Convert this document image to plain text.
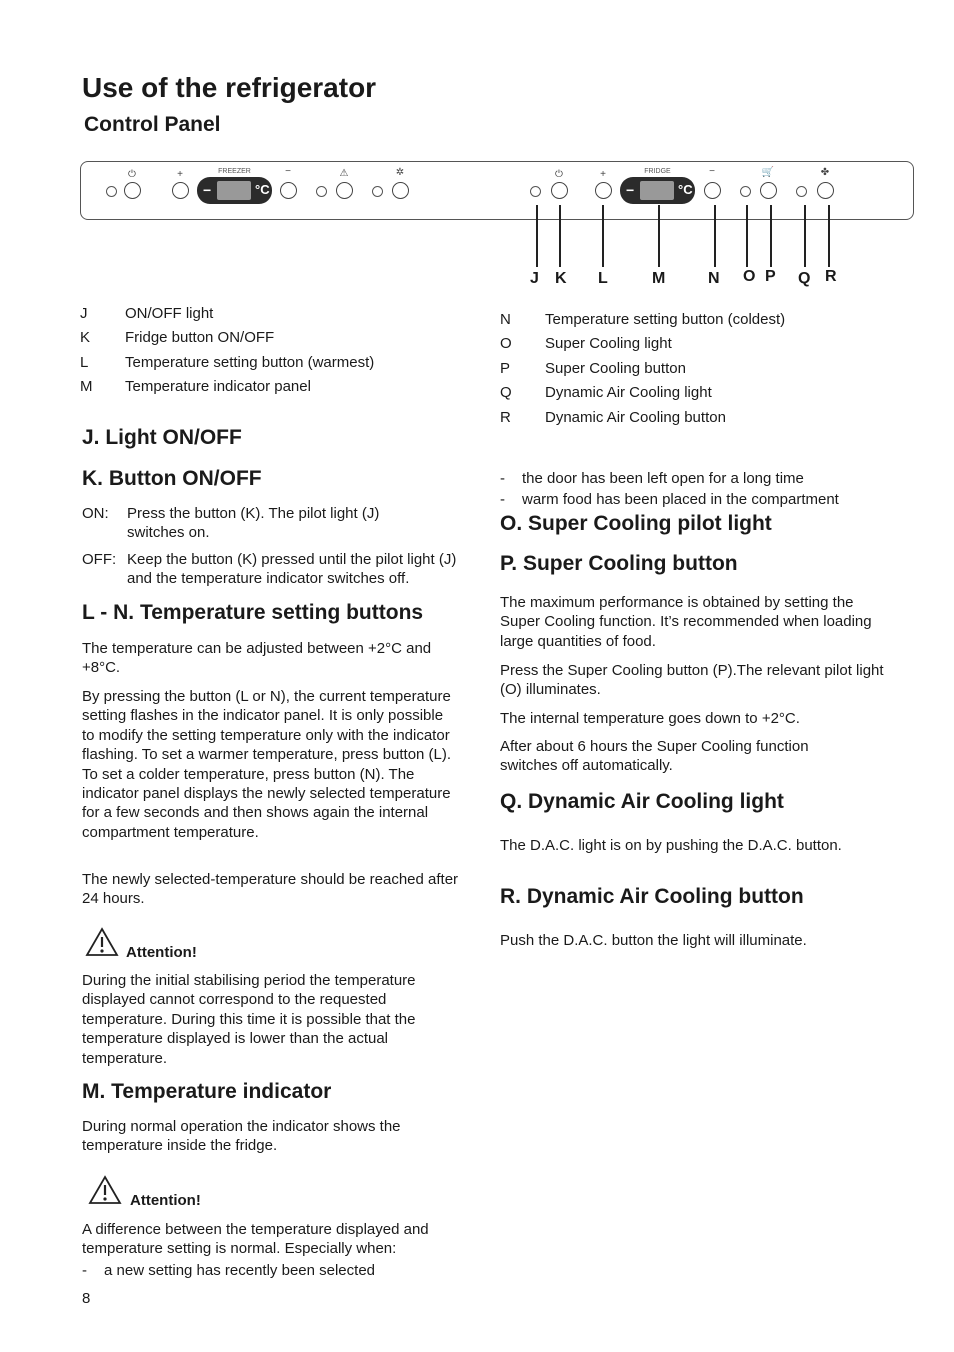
Use of the refrigerator
Control Panel
⏻	+	FREEZER
−	°C
−	⚠	✲	⏻	+	FRIDGE
−	°C
−	🛒	✤
J K L	M	N O P Q R
J	ON/OFF light
K Fridge button ON/OFF
L Temperature setting button (warmest)
M Temperature indicator panel
N Temperature setting button (coldest)
O Super Cooling light
P Super Cooling button
Q Dynamic Air Cooling light
R Dynamic Air Cooling button
J. Light ON/OFF
K. Button ON/OFF
ON: Press the button (K). The pilot light (J) switches on.
OFF: Keep the button (K) pressed until the pilot light (J) and the temperature indicator switches off.
L - N. Temperature setting buttons

The temperature can be adjusted between +2°C and +8°C.

By pressing the button (L or N), the current temperature setting flashes in the indicator panel. It is only possible to modify the setting temperature only with the indicator flashing. To set a warmer temperature, press button (L). To set a colder temperature, press button (N). The indicator panel displays the newly selected temperature for a few seconds and then shows again the internal compartment temperature.

The newly selected-temperature should be reached after 24 hours.

Attention!

During the initial stabilising period the temperature displayed cannot correspond to the requested temperature. During this time it is possible that the temperature displayed is lower than the actual temperature.

M. Temperature indicator

During normal operation the indicator shows the temperature inside the fridge.

Attention!

A difference between the temperature displayed and temperature setting is normal. Especially when:

- a new setting has recently been selected
- the door has been left open for a long time
- warm food has been placed in the compartment
O. Super Cooling pilot light
P. Super Cooling button

The maximum performance is obtained by setting the Super Cooling function. It’s recommended when loading large quantities of food.

Press the Super Cooling button (P).The relevant pilot light (O) illuminates.

The internal temperature goes down to +2°C.

After about 6 hours the Super Cooling function switches off automatically.

Q. Dynamic Air Cooling light

The D.A.C. light is on by pushing the D.A.C. button.

R. Dynamic Air Cooling button

Push the D.A.C. button the light will illuminate.

8
